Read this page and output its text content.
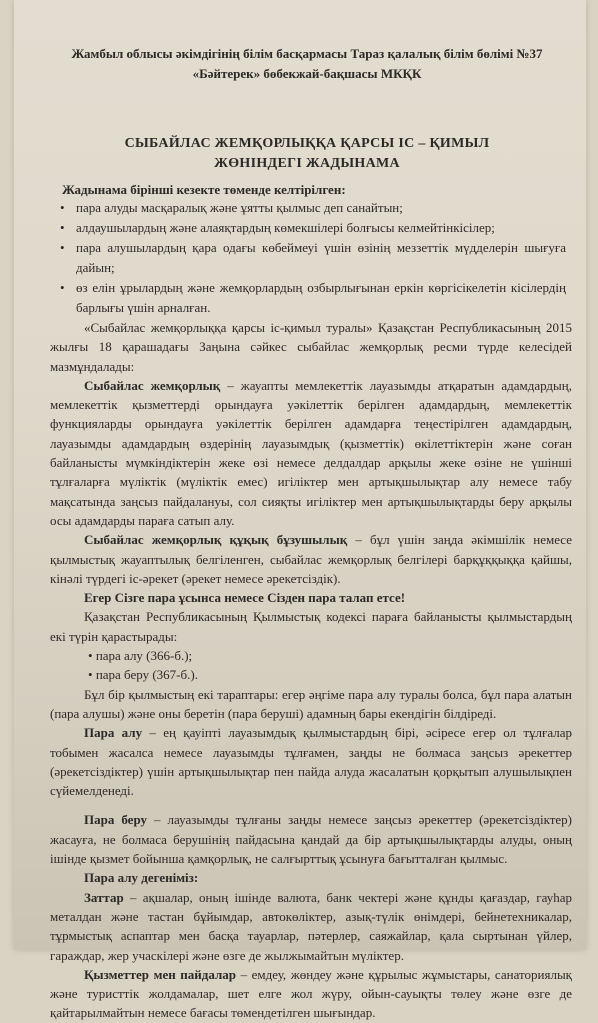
Жамбыл облысы әкімдігінің білім басқармасы Тараз қалалық білім бөлімі №37
«Бәйтерек» бөбекжай-бақшасы МКҚК
СЫБАЙЛАС ЖЕМҚОРЛЫҚҚА ҚАРСЫ ІС – ҚИМЫЛ
ЖӨНІНДЕГІ ЖАДЫНАМА
Жадынама бірінші кезекте төменде келтірілген:
• пара алуды масқаралық және ұятты қылмыс деп санайтын;
• алдаушылардың және алаяқтардың көмекшілері болғысы келмейтінкісілер;
• пара алушылардың қара одағы көбеймеуі үшін өзінің меззеттік мүдделерін шығуға дайын;
• өз елін ұрылардың және жемқорлардың озбырлығынан еркін көргісікелетін кісілердің барлығы үшін арналған.

«Сыбайлас жемқорлыққа қарсы іс-қимыл туралы» Қазақстан Республикасының 2015 жылғы 18 қарашадағы Заңына сәйкес сыбайлас жемқорлық ресми түрде келесідей мазмұндалады:

Сыбайлас жемқорлық – жауапты мемлекеттік лауазымды атқаратын адамдардың, мемлекеттік қызметтерді орындауға уәкілеттік берілген адамдардың, мемлекеттік функцияларды орындауға уәкілеттік берілген адамдарға теңестірілген адамдардың, лауазымды адамдардың өздерінің лауазымдық (қызметтік) өкілеттіктерін және соған байланысты мүмкіндіктерін жеке өзі немесе делдалдар арқылы жеке өзіне не үшінші тұлғаларға мүліктік (мүліктік емес) игіліктер мен артықшылықтар алу немесе табу мақсатында заңсыз пайдалануы, сол сияқты игіліктер мен артықшылықтарды беру арқылы осы адамдарды параға сатып алу.

Сыбайлас жемқорлық құқық бұзушылық – бұл үшін заңда әкімшілік немесе қылмыстық жауаптылық белгіленген, сыбайлас жемқорлық белгілері барқұққыққа қайшы, кінәлі түрдегі іс-әрекет (әрекет немесе әрекетсіздік).

Егер Сізге пара ұсынса немесе Сізден пара талап етсе!

Қазақстан Республикасының Қылмыстық кодексі параға байланысты қылмыстардың екі түрін қарастырады:

• пара алу (366-б.);
• пара беру (367-б.).

Бұл бір қылмыстың екі тараптары: егер әңгіме пара алу туралы болса, бұл пара алатын (пара алушы) және оны беретін (пара беруші) адамның бары екендігін білдіреді.

Пара алу – ең қауіпті лауазымдық қылмыстардың бірі, әсіресе егер ол тұлғалар тобымен жасалса немесе лауазымды тұлғамен, заңды не болмаса заңсыз әрекеттер (әрекетсіздіктер) үшін артықшылықтар пен пайда алуда жасалатын қорқытып алушылықпен сүйемелденеді.

Пара беру – лауазымды тұлғаны заңды немесе заңсыз әрекеттер (әрекетсіздіктер) жасауға, не болмаса берушінің пайдасына қандай да бір артықшылықтарды алуды, оның ішінде қызмет бойынша қамқорлық, не салғырттық ұсынуға бағытталған қылмыс.

Пара алу дегеніміз:

Заттар – ақшалар, оның ішінде валюта, банк чектері және құнды қағаздар, гауһар металдан және тастан бұйымдар, автокөліктер, азық-түлік өнімдері, бейнетехникалар, тұрмыстық аспаптар мен басқа тауарлар, пәтерлер, саяжайлар, қала сыртынан үйлер, гараждар, жер учаскілері және өзге де жылжымайтын мүліктер.

Қызметтер мен пайдалар – емдеу, жөндеу және құрылыс жұмыстары, санаториялық және туристтік жолдамалар, шет елге жол жүру, ойын-сауықты төлеу және өзге де қайтарылмайтын немесе бағасы төмендетілген шығындар.
